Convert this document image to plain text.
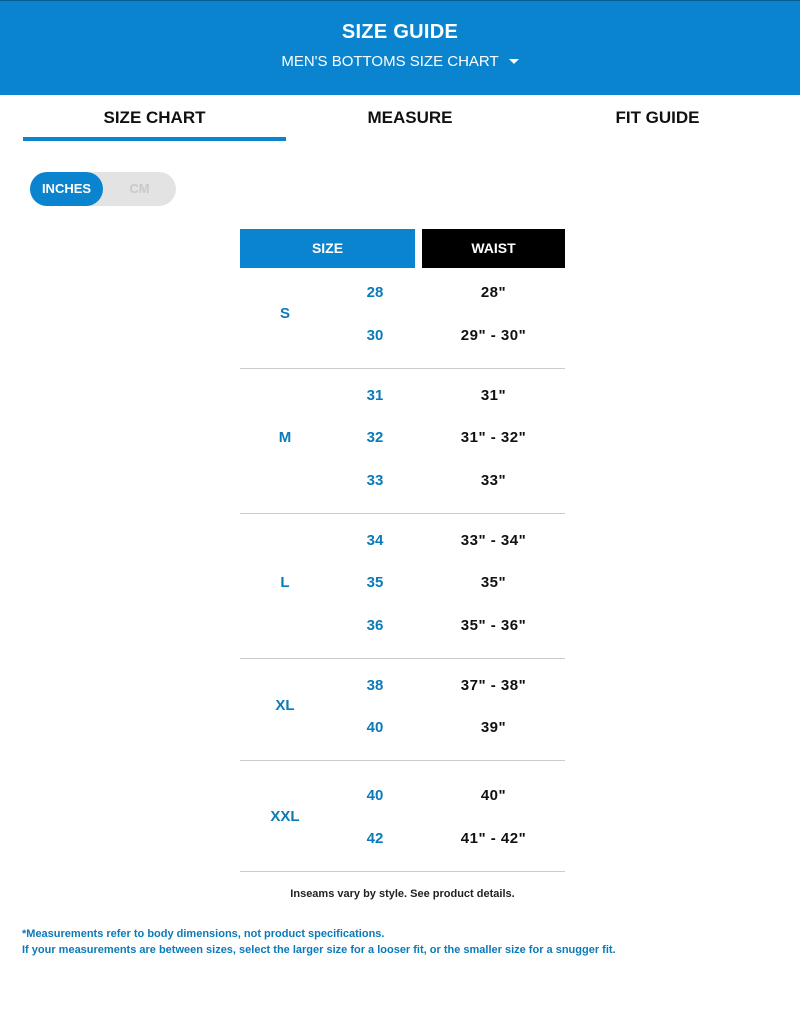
SIZE GUIDE
MEN'S BOTTOMS SIZE CHART
SIZE CHART	MEASURE	FIT GUIDE
INCHES	CM
SIZE	WAIST
S
28	28"
30	29" - 30"
M
31	31"
32	31" - 32"
33	33"
L
34	33" - 34"
35	35"
36	35" - 36"
XL
38	37" - 38"
40	39"
XXL
40	40"
42	41" - 42"
Inseams vary by style. See product details.
*Measurements refer to body dimensions, not product specifications.
If your measurements are between sizes, select the larger size for a looser fit, or the smaller size for a snugger fit.
